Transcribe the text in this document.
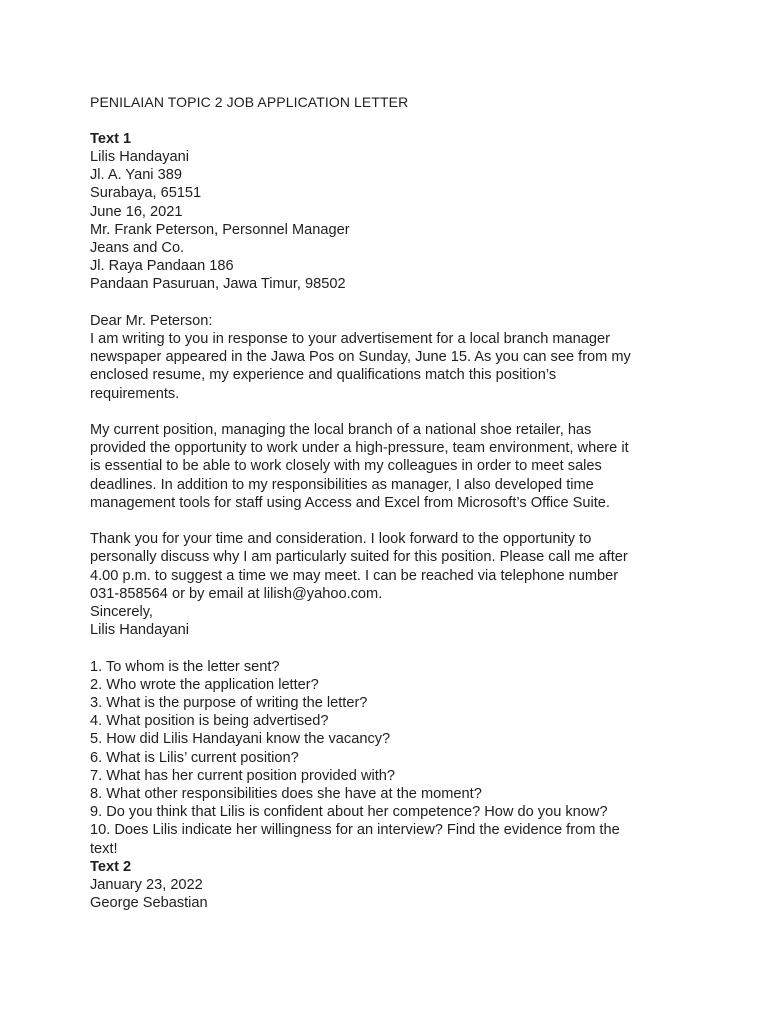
PENILAIAN TOPIC 2 JOB APPLICATION LETTER
Text 1
Lilis Handayani
Jl. A. Yani 389
Surabaya, 65151
June 16, 2021
Mr. Frank Peterson, Personnel Manager
Jeans and Co.
Jl. Raya Pandaan 186
Pandaan Pasuruan, Jawa Timur, 98502
Dear Mr. Peterson:
I am writing to you in response to your advertisement for a local branch manager
newspaper appeared in the Jawa Pos on Sunday, June 15. As you can see from my
enclosed resume, my experience and qualifications match this position’s
requirements.
My current position, managing the local branch of a national shoe retailer, has
provided the opportunity to work under a high-pressure, team environment, where it
is essential to be able to work closely with my colleagues in order to meet sales
deadlines. In addition to my responsibilities as manager, I also developed time
management tools for staff using Access and Excel from Microsoft’s Office Suite.
Thank you for your time and consideration. I look forward to the opportunity to
personally discuss why I am particularly suited for this position. Please call me after
4.00 p.m. to suggest a time we may meet. I can be reached via telephone number
031-858564 or by email at lilish@yahoo.com.
Sincerely,
Lilis Handayani
1. To whom is the letter sent?
2. Who wrote the application letter?
3. What is the purpose of writing the letter?
4. What position is being advertised?
5. How did Lilis Handayani know the vacancy?
6. What is Lilis’ current position?
7. What has her current position provided with?
8. What other responsibilities does she have at the moment?
9. Do you think that Lilis is confident about her competence? How do you know?
10. Does Lilis indicate her willingness for an interview? Find the evidence from the
text!
Text 2
January 23, 2022
George Sebastian
